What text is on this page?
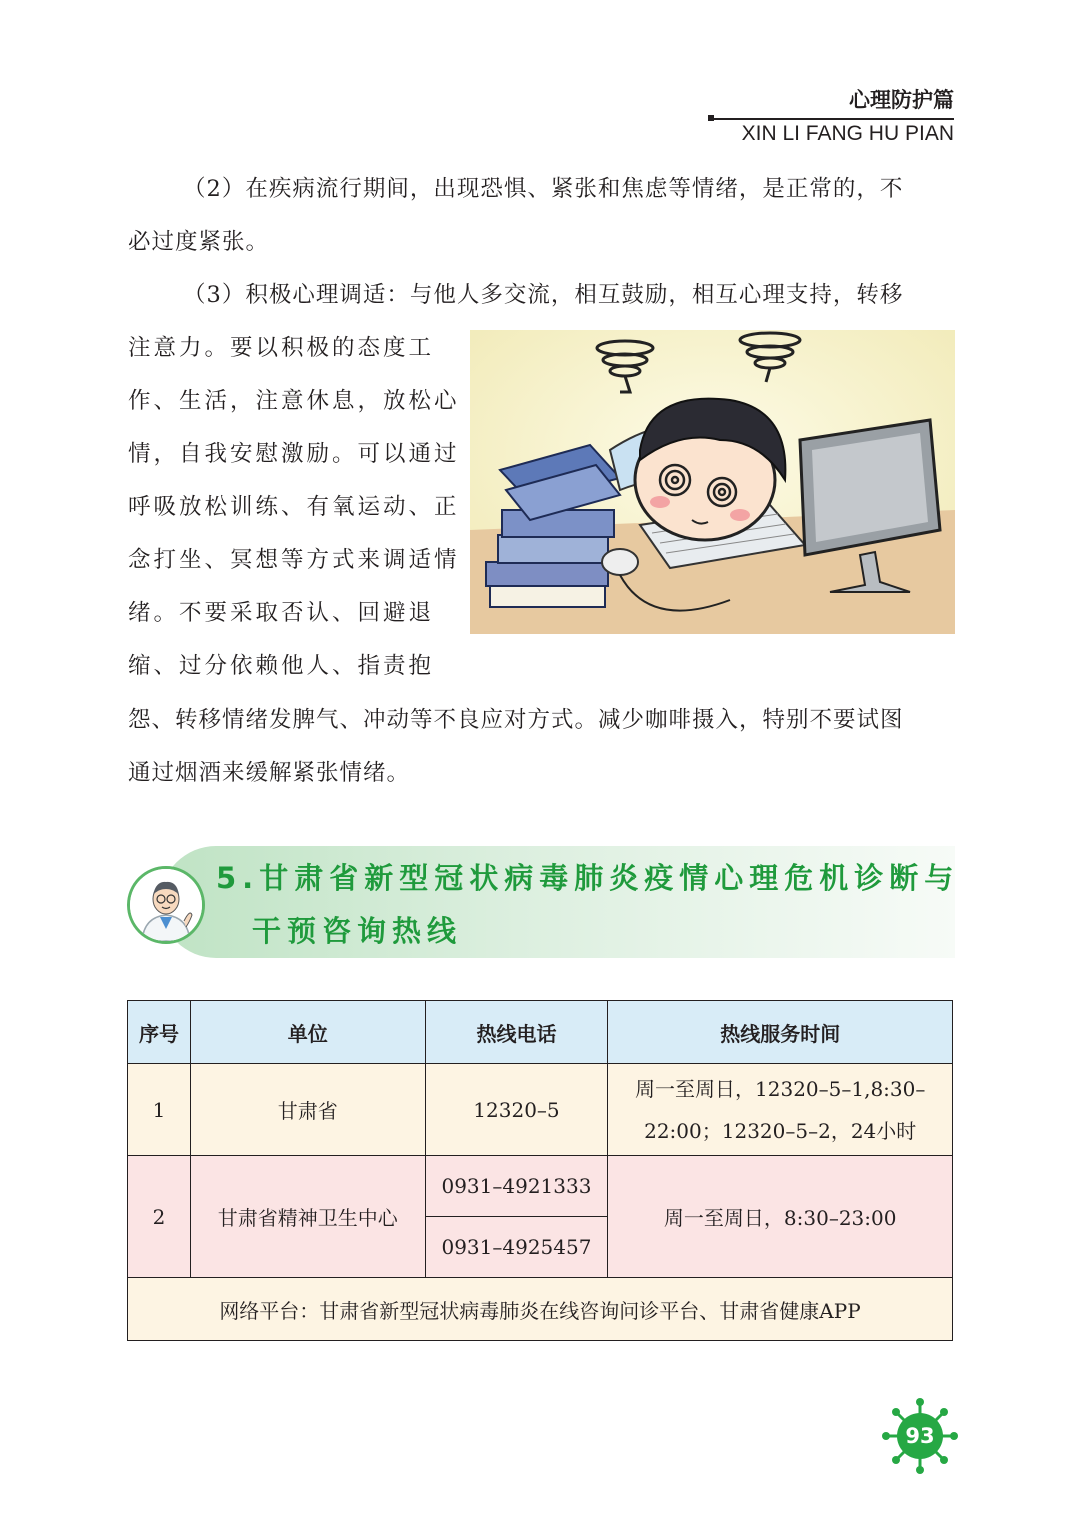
心理防护篇
XIN LI FANG HU PIAN
（2）在疾病流行期间，出现恐惧、紧张和焦虑等情绪，是正常的，不
必过度紧张。
（3）积极心理调适：与他人多交流，相互鼓励，相互心理支持，转移
注意力。要以积极的态度工
作、生活，注意休息，放松心
情，自我安慰激励。可以通过
呼吸放松训练、有氧运动、正
念打坐、冥想等方式来调适情
绪。不要采取否认、回避退
缩、过分依赖他人、指责抱
怨、转移情绪发脾气、冲动等不良应对方式。减少咖啡摄入，特别不要试图
通过烟酒来缓解紧张情绪。
5.甘肃省新型冠状病毒肺炎疫情心理危机诊断与
干预咨询热线
序号	单位	热线电话	热线服务时间
1	甘肃省	12320–5	周一至周日，12320–5–1,8:30–
22:00；12320–5–2，24小时

2	甘肃省精神卫生中心	0931–4921333	周一至周日，8:30–23:00
		0931–4925457	
网络平台：甘肃省新型冠状病毒肺炎在线咨询问诊平台、甘肃省健康APP			
93
